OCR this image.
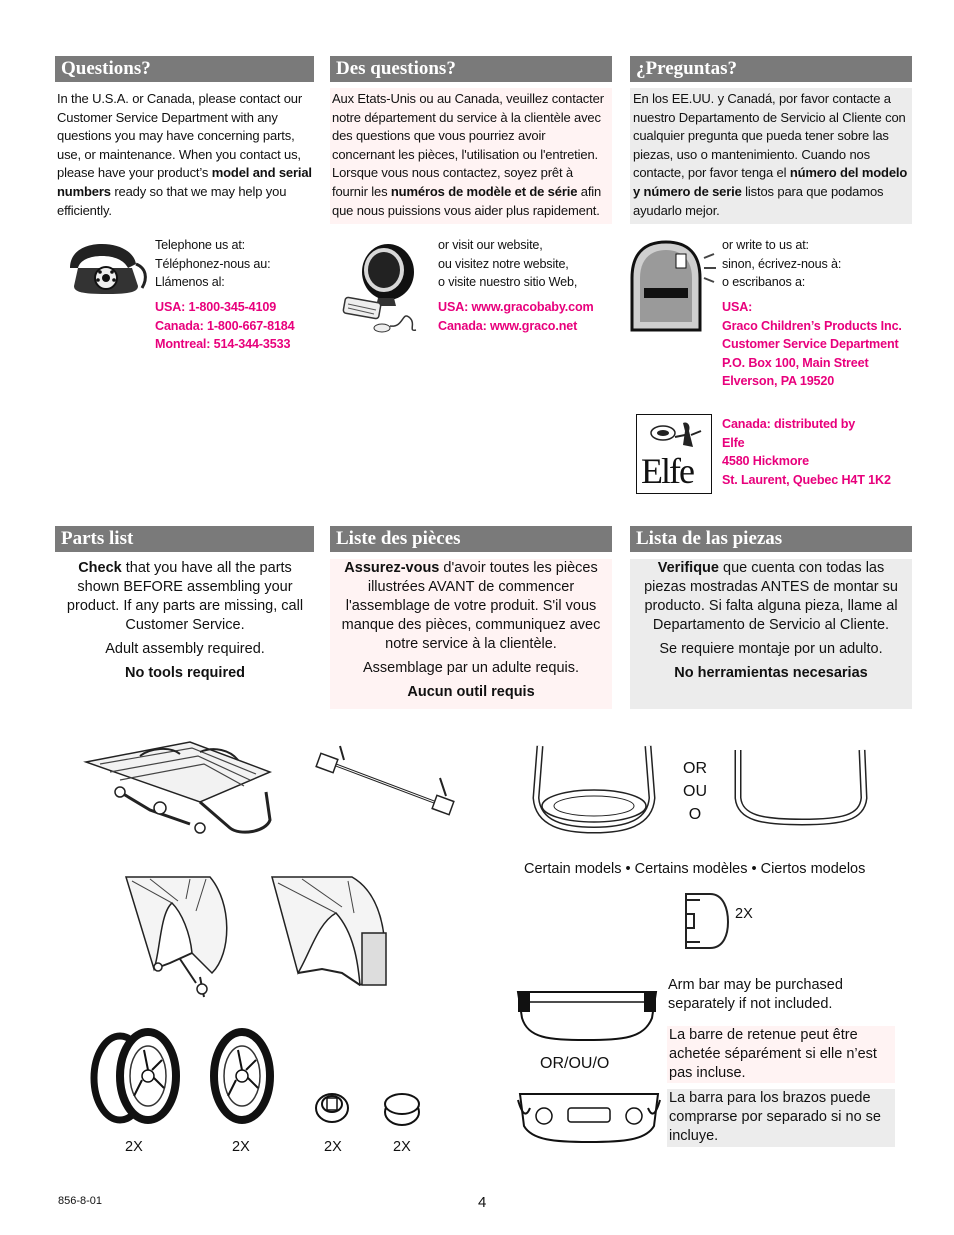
Questions?	Des questions?	¿Preguntas?
In the U.S.A. or Canada, please contact our Customer Service Department with any questions you may have concerning parts, use, or maintenance. When you contact us, please have your product’s model and serial numbers ready so that we may help you efficiently.
Aux Etats-Unis ou au Canada, veuillez contacter notre département du service à la clientèle avec des questions que vous pourriez avoir concernant les pièces, l'utilisation ou l'entretien. Lorsque vous nous contactez, soyez prêt à fournir les numéros de modèle et de série afin que nous puissions vous aider plus rapidement.
En los EE.UU. y Canadá, por favor contacte a nuestro Departamento de Servicio al Cliente con cualquier pregunta que pueda tener sobre las piezas, uso o mantenimiento. Cuando nos contacte, por favor tenga el número del modelo y número de serie listos para que podamos ayudarlo mejor.
Telephone us at:
Téléphonez-nous au:
Llámenos al:
USA: 1-800-345-4109
Canada: 1-800-667-8184
Montreal: 514-344-3533
or visit our website,
ou visitez notre website,
o visite nuestro sitio Web,
USA: www.gracobaby.com
Canada: www.graco.net
or write to us at:
sinon, écrivez-nous à:
o escribanos a:
USA:
Graco Children’s Products Inc.
Customer Service Department
P.O. Box 100, Main Street
Elverson, PA 19520
Elfe
Canada: distributed by
Elfe
4580 Hickmore
St. Laurent, Quebec H4T 1K2
Parts list	Liste des pièces	Lista de las piezas

Check that you have all the parts shown BEFORE assembling your product. If any parts are missing, call Customer Service.

Adult assembly required.

No tools required

Assurez-vous d'avoir toutes les pièces illustrées AVANT de commencer l'assemblage de votre produit. S'il vous manque des pièces, communiquez avec notre service à la clientèle.

Assemblage par un adulte requis.

Aucun outil requis

Verifique que cuenta con todas las piezas mostradas ANTES de montar su producto. Si falta alguna pieza, llame al Departamento de Servicio al Cliente.

Se requiere montaje por un adulto.

No herramientas necesarias

OR
OU
O
Certain models • Certains modèles • Ciertos modelos
2X
2X	2X	2X	2X
OR/OU/O
Arm bar may be purchased separately if not included.
La barre de retenue peut être achetée séparément si elle n’est pas incluse.
La barra para los brazos puede comprarse por separado si no se incluye.
856-8-01	4
